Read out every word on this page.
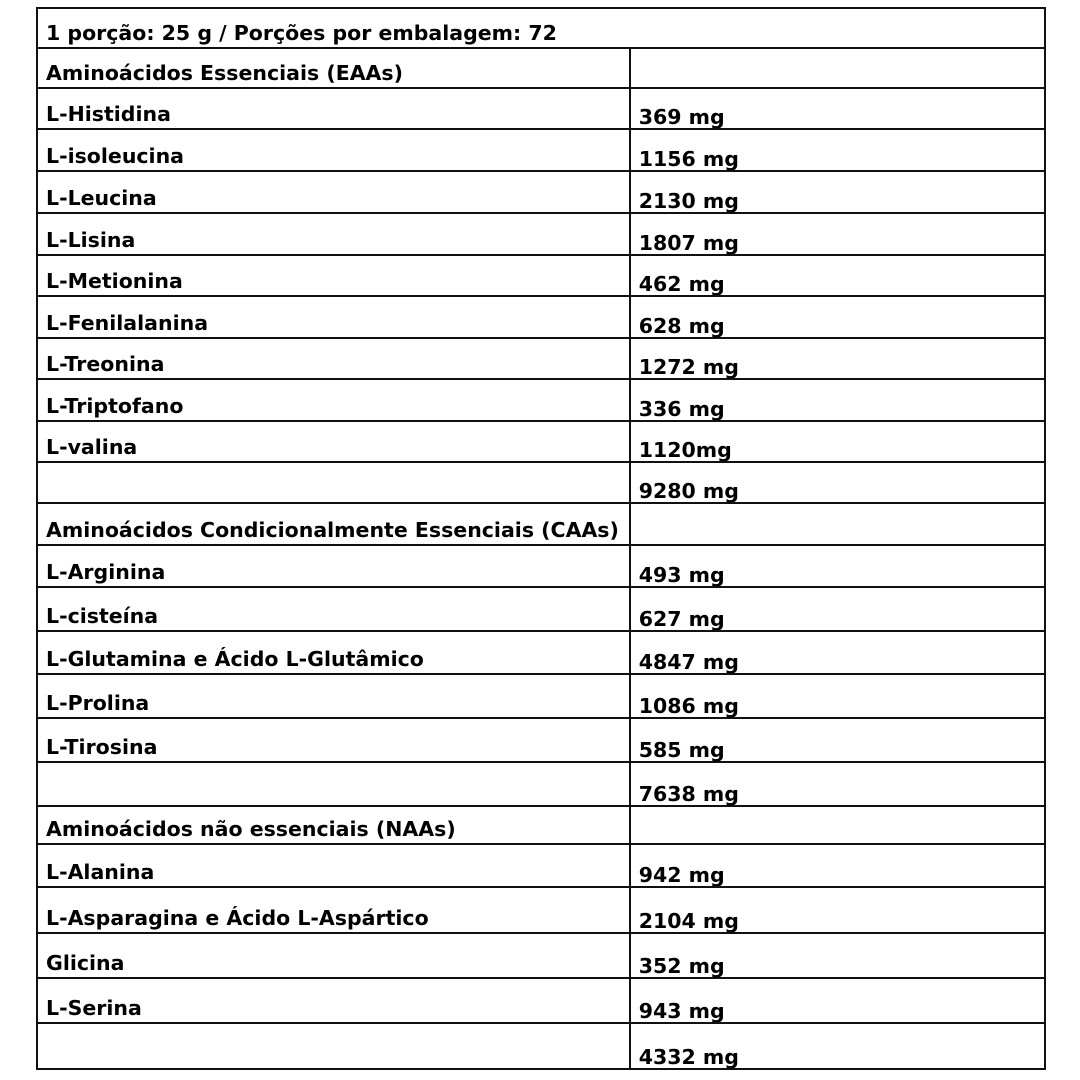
1 porção: 25 g / Porções por embalagem: 72	
Aminoácidos Essenciais (EAAs)	
L-Histidina	369 mg
L-isoleucina	1156 mg
L-Leucina	2130 mg
L-Lisina	1807 mg
L-Metionina	462 mg
L-Fenilalanina	628 mg
L-Treonina	1272 mg
L-Triptofano	336 mg
L-valina	1120mg
	9280 mg
Aminoácidos Condicionalmente Essenciais (CAAs)	
L-Arginina	493 mg
L-cisteína	627 mg
L-Glutamina e Ácido L-Glutâmico	4847 mg
L-Prolina	1086 mg
L-Tirosina	585 mg
	7638 mg
Aminoácidos não essenciais (NAAs)	
L-Alanina	942 mg
L-Asparagina e Ácido L-Aspártico	2104 mg
Glicina	352 mg
L-Serina	943 mg
	4332 mg
